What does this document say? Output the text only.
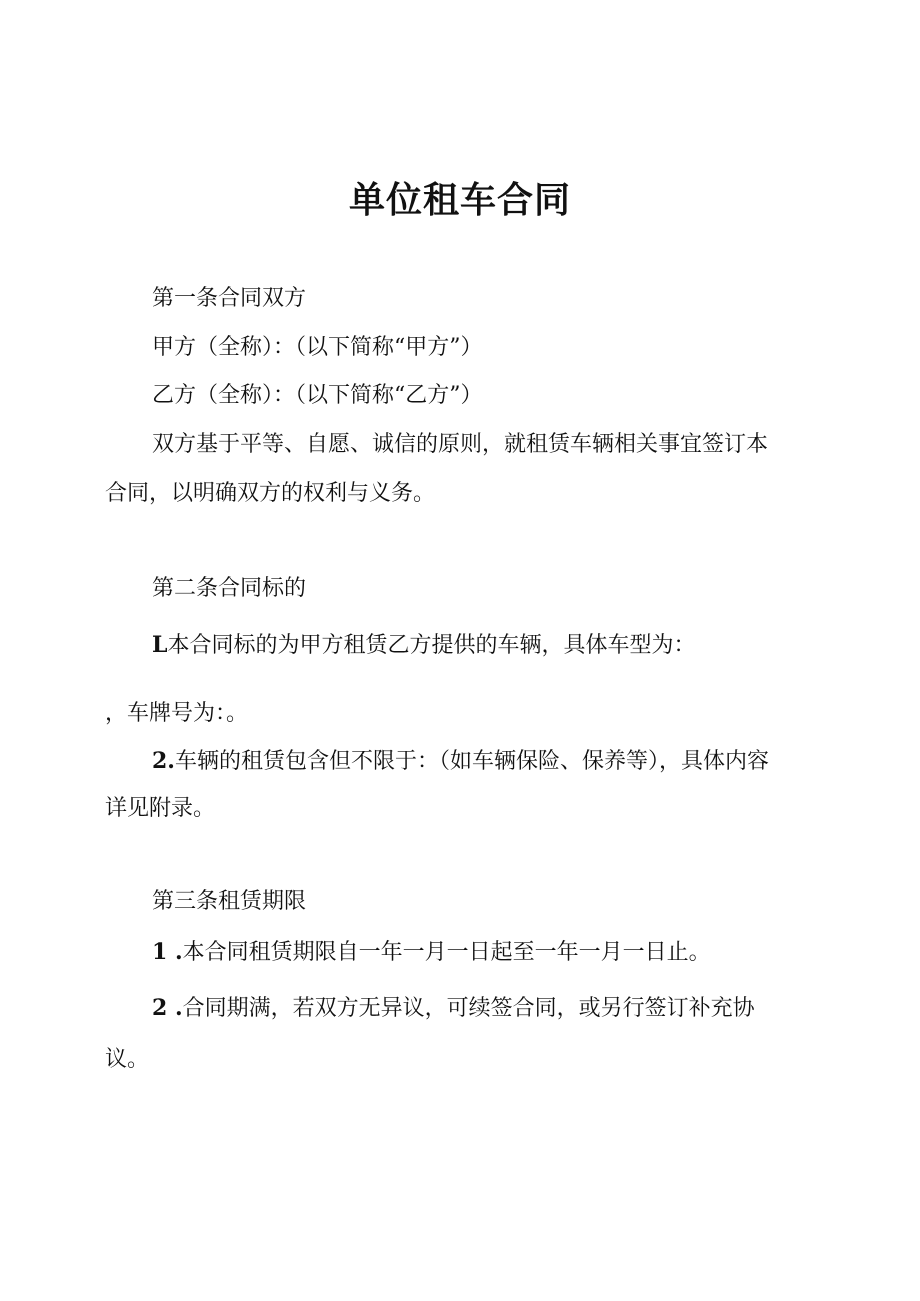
单位租车合同
第一条合同双方
甲方（全称）：（以下简称“甲方”）
乙方（全称）：（以下简称“乙方”）
双方基于平等、自愿、诚信的原则，就租赁车辆相关事宜签订本
合同，以明确双方的权利与义务。
第二条合同标的
L本合同标的为甲方租赁乙方提供的车辆，具体车型为：
，车牌号为：。
2.车辆的租赁包含但不限于：（如车辆保险、保养等），具体内容
详见附录。
第三条租赁期限
1 .本合同租赁期限自一年一月一日起至一年一月一日止。
2 .合同期满，若双方无异议，可续签合同，或另行签订补充协
议。
